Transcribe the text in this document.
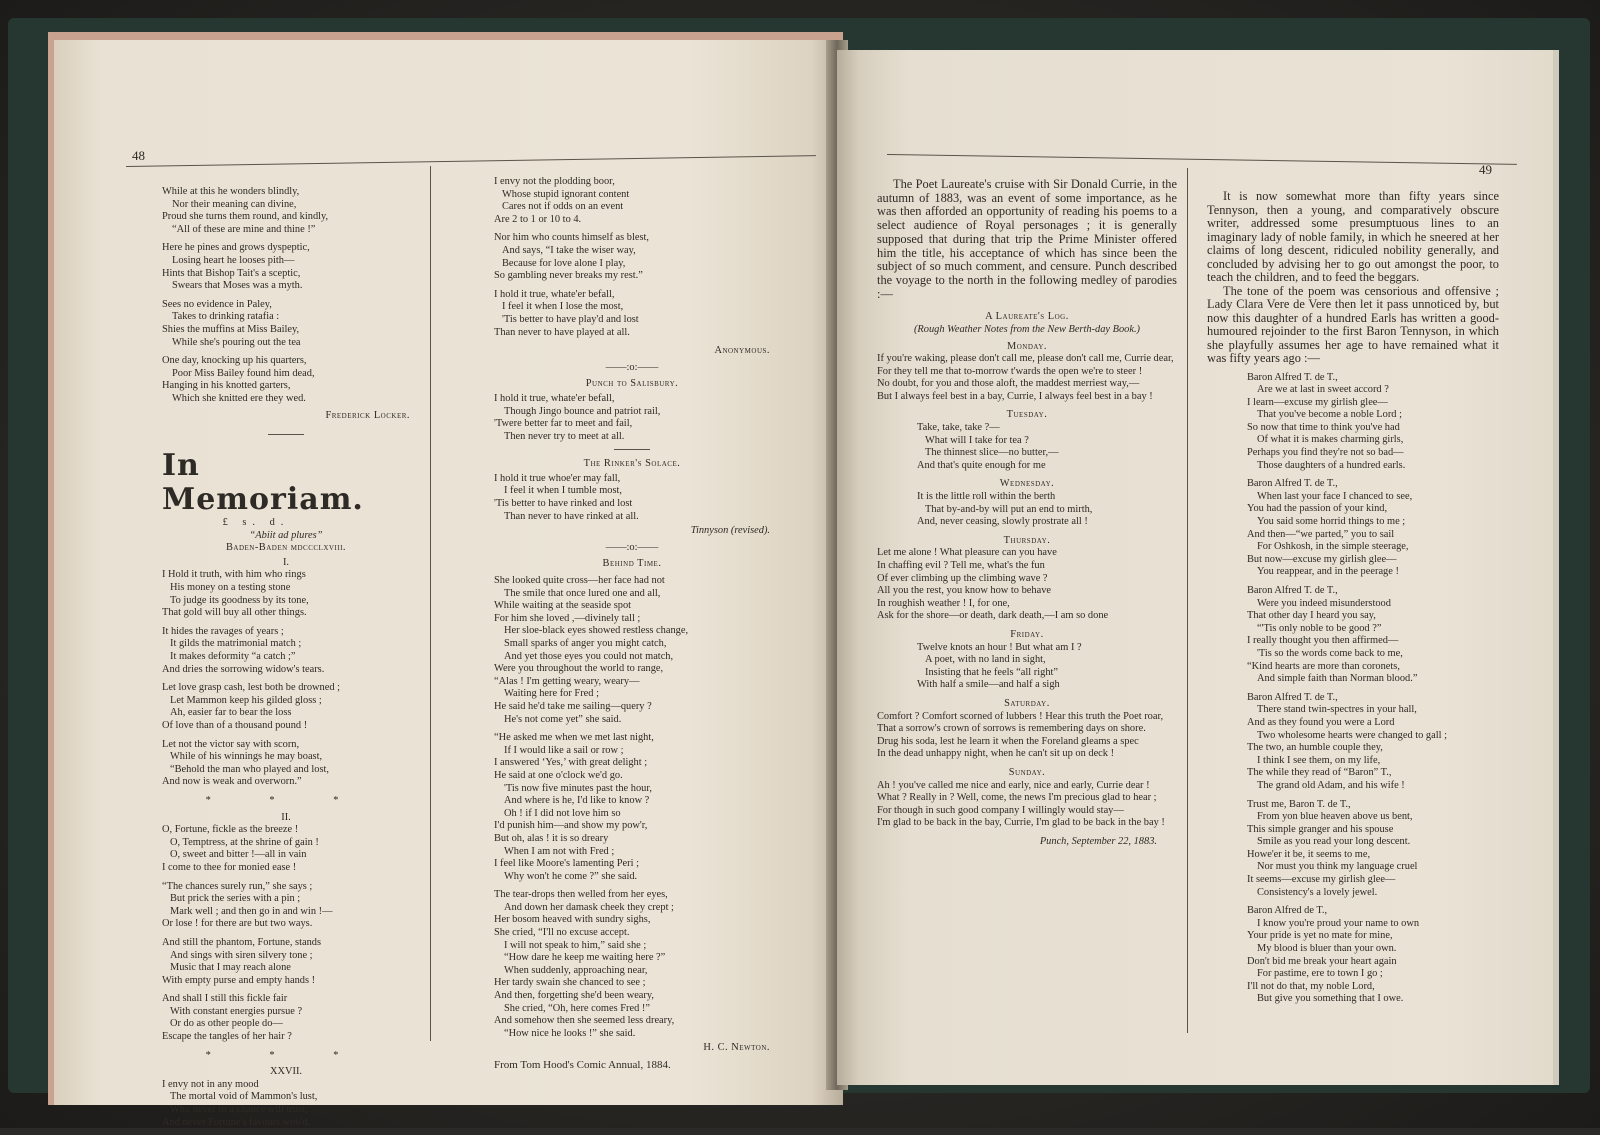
48

While at this he wonders blindly,

Nor their meaning can divine,

Proud she turns them round, and kindly,

“All of these are mine and thine !”

Here he pines and grows dyspeptic,

Losing heart he looses pith—

Hints that Bishop Tait's a sceptic,

Swears that Moses was a myth.

Sees no evidence in Paley,

Takes to drinking ratafia :

Shies the muffins at Miss Bailey,

While she's pouring out the tea

One day, knocking up his quarters,

Poor Miss Bailey found him dead,

Hanging in his knotted garters,

Which she knitted ere they wed.

Frederick Locker.

In Memoriam.

£ s. d.

“Abiit ad plures”

Baden-Baden mdccclxviii.

I.

I Hold it truth, with him who rings

His money on a testing stone

To judge its goodness by its tone,

That gold will buy all other things.

It hides the ravages of years ;

It gilds the matrimonial match ;

It makes deformity “a catch ;”

And dries the sorrowing widow's tears.

Let love grasp cash, lest both be drowned ;

Let Mammon keep his gilded gloss ;

Ah, easier far to bear the loss

Of love than of a thousand pound !

Let not the victor say with scorn,

While of his winnings he may boast,

“Behold the man who played and lost,

And now is weak and overworn.”

* * *

II.

O, Fortune, fickle as the breeze !

O, Temptress, at the shrine of gain !

O, sweet and bitter !—all in vain

I come to thee for monied ease !

“The chances surely run,” she says ;

But prick the series with a pin ;

Mark well ; and then go in and win !—

Or lose ! for there are but two ways.

And still the phantom, Fortune, stands

And sings with siren silvery tone ;

Music that I may reach alone

With empty purse and empty hands !

And shall I still this fickle fair

With constant energies pursue ?

Or do as other people do—

Escape the tangles of her hair ?

* * *

XXVII.

I envy not in any mood

The mortal void of Mammon's lust,

Who never to a chance will trust,

And never Fortune's favours woo'd.

I envy not the plodding boor,

Whose stupid ignorant content

Cares not if odds on an event

Are 2 to 1 or 10 to 4.

Nor him who counts himself as blest,

And says, “I take the wiser way,

Because for love alone I play,

So gambling never breaks my rest.”

I hold it true, whate'er befall,

I feel it when I lose the most,

'Tis better to have play'd and lost

Than never to have played at all.

Anonymous.

——:o:——

Punch to Salisbury.

I hold it true, whate'er befall,

Though Jingo bounce and patriot rail,

'Twere better far to meet and fail,

Then never try to meet at all.

The Rinker's Solace.

I hold it true whoe'er may fall,

I feel it when I tumble most,

'Tis better to have rinked and lost

Than never to have rinked at all.

Tinnyson (revised).

——:o:——

Behind Time.

She looked quite cross—her face had not

The smile that once lured one and all,

While waiting at the seaside spot

For him she loved ,—divinely tall ;

Her sloe-black eyes showed restless change,

Small sparks of anger you might catch,

And yet those eyes you could not match,

Were you throughout the world to range,

“Alas ! I'm getting weary, weary—

Waiting here for Fred ;

He said he'd take me sailing—query ?

He's not come yet” she said.

“He asked me when we met last night,

If I would like a sail or row ;

I answered ‘Yes,’ with great delight ;

He said at one o'clock we'd go.

'Tis now five minutes past the hour,

And where is he, I'd like to know ?

Oh ! if I did not love him so

I'd punish him—and show my pow'r,

But oh, alas ! it is so dreary

When I am not with Fred ;

I feel like Moore's lamenting Peri ;

Why won't he come ?” she said.

The tear-drops then welled from her eyes,

And down her damask cheek they crept ;

Her bosom heaved with sundry sighs,

She cried, “I'll no excuse accept.

I will not speak to him,” said she ;

“How dare he keep me waiting here ?”

When suddenly, approaching near,

Her tardy swain she chanced to see ;

And then, forgetting she'd been weary,

She cried, “Oh, here comes Fred !”

And somehow then she seemed less dreary,

“How nice he looks !” she said.

H. C. Newton.

From Tom Hood's Comic Annual, 1884.

49

The Poet Laureate's cruise with Sir Donald Currie, in the autumn of 1883, was an event of some importance, as he was then afforded an opportunity of reading his poems to a select audience of Royal personages ; it is generally supposed that during that trip the Prime Minister offered him the title, his acceptance of which has since been the subject of so much comment, and censure. Punch described the voyage to the north in the following medley of parodies :—

A Laureate's Log.

(Rough Weather Notes from the New Berth-day Book.)

Monday.

If you're waking, please don't call me, please don't call me, Currie dear,

For they tell me that to-morrow t'wards the open we're to steer !

No doubt, for you and those aloft, the maddest merriest way,—

But I always feel best in a bay, Currie, I always feel best in a bay !

Tuesday.

Take, take, take ?—

What will I take for tea ?

The thinnest slice—no butter,—

And that's quite enough for me

Wednesday.

It is the little roll within the berth

That by-and-by will put an end to mirth,

And, never ceasing, slowly prostrate all !

Thursday.

Let me alone ! What pleasure can you have

In chaffing evil ? Tell me, what's the fun

Of ever climbing up the climbing wave ?

All you the rest, you know how to behave

In roughish weather ! I, for one,

Ask for the shore—or death, dark death,—I am so done

Friday.

Twelve knots an hour ! But what am I ?

A poet, with no land in sight,

Insisting that he feels “all right”

With half a smile—and half a sigh

Saturday.

Comfort ? Comfort scorned of lubbers ! Hear this truth the Poet roar,

That a sorrow's crown of sorrows is remembering days on shore.

Drug his soda, lest he learn it when the Foreland gleams a spec

In the dead unhappy night, when he can't sit up on deck !

Sunday.

Ah ! you've called me nice and early, nice and early, Currie dear !

What ? Really in ? Well, come, the news I'm precious glad to hear ;

For though in such good company I willingly would stay—

I'm glad to be back in the bay, Currie, I'm glad to be back in the bay !

Punch, September 22, 1883.

It is now somewhat more than fifty years since Tennyson, then a young, and comparatively obscure writer, addressed some presumptuous lines to an imaginary lady of noble family, in which he sneered at her claims of long descent, ridiculed nobility generally, and concluded by advising her to go out amongst the poor, to teach the children, and to feed the beggars.

The tone of the poem was censorious and offensive ; Lady Clara Vere de Vere then let it pass unnoticed by, but now this daughter of a hundred Earls has written a good-humoured rejoinder to the first Baron Tennyson, in which she playfully assumes her age to have remained what it was fifty years ago :—

Baron Alfred T. de T.,

Are we at last in sweet accord ?

I learn—excuse my girlish glee—

That you've become a noble Lord ;

So now that time to think you've had

Of what it is makes charming girls,

Perhaps you find they're not so bad—

Those daughters of a hundred earls.

Baron Alfred T. de T.,

When last your face I chanced to see,

You had the passion of your kind,

You said some horrid things to me ;

And then—“we parted,” you to sail

For Oshkosh, in the simple steerage,

But now—excuse my girlish glee—

You reappear, and in the peerage !

Baron Alfred T. de T.,

Were you indeed misunderstood

That other day I heard you say,

“'Tis only noble to be good ?”

I really thought you then affirmed—

'Tis so the words come back to me,

“Kind hearts are more than coronets,

And simple faith than Norman blood.”

Baron Alfred T. de T.,

There stand twin-spectres in your hall,

And as they found you were a Lord

Two wholesome hearts were changed to gall ;

The two, an humble couple they,

I think I see them, on my life,

The while they read of “Baron” T.,

The grand old Adam, and his wife !

Trust me, Baron T. de T.,

From yon blue heaven above us bent,

This simple granger and his spouse

Smile as you read your long descent.

Howe'er it be, it seems to me,

Nor must you think my language cruel

It seems—excuse my girlish glee—

Consistency's a lovely jewel.

Baron Alfred de T.,

I know you're proud your name to own

Your pride is yet no mate for mine,

My blood is bluer than your own.

Don't bid me break your heart again

For pastime, ere to town I go ;

I'll not do that, my noble Lord,

But give you something that I owe.
